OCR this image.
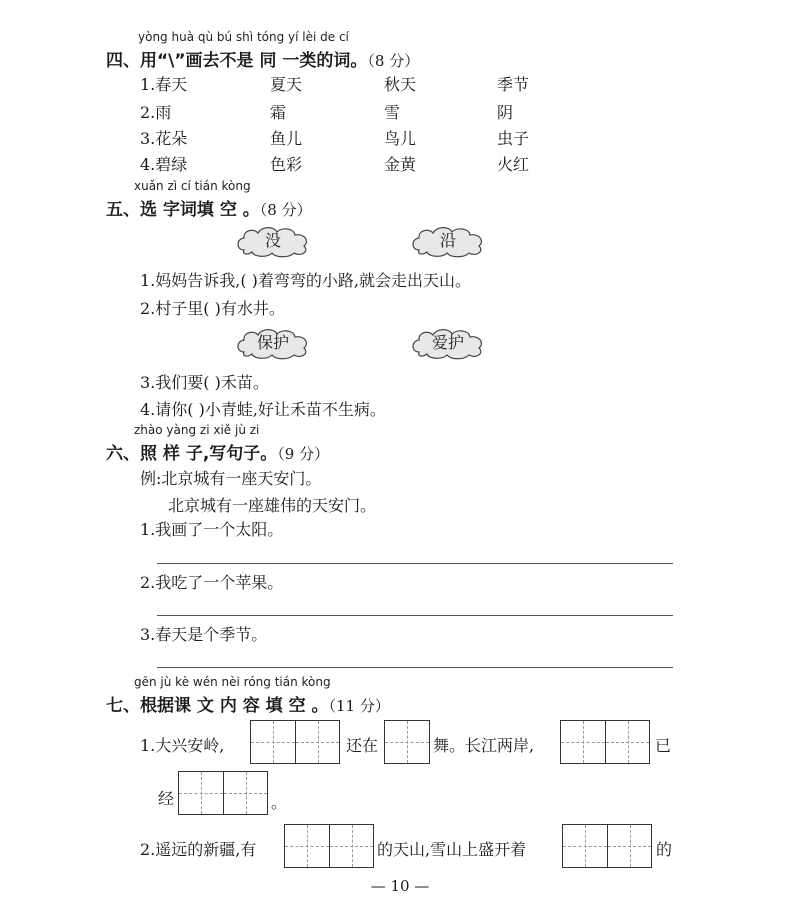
yòng huà qù bú shì tóng yí lèi de cí
四、用“\”画去不是 同 一类的词。（8 分）
1.春天	夏天	秋天	季节
2.雨	霜	雪	阴
3.花朵	鱼儿	鸟儿	虫子
4.碧绿	色彩	金黄	火红
xuǎn zì cí tián kòng
五、选 字词填 空 。（8 分）
没	沿
1.妈妈告诉我,( )着弯弯的小路,就会走出天山。
2.村子里( )有水井。
保护	爱护
3.我们要( )禾苗。
4.请你( )小青蛙,好让禾苗不生病。
zhào yàng zi xiě jù zi
六、照 样 子,写句子。（9 分）
例:北京城有一座天安门。
北京城有一座雄伟的天安门。
1.我画了一个太阳。
2.我吃了一个苹果。
3.春天是个季节。
gēn jù kè wén nèi róng tián kòng
七、根据课 文 内 容 填 空 。（11 分）
1.大兴安岭,	还在	舞。长江两岸,	已
经	。
2.遥远的新疆,有	的天山,雪山上盛开着	的
— 10 —
